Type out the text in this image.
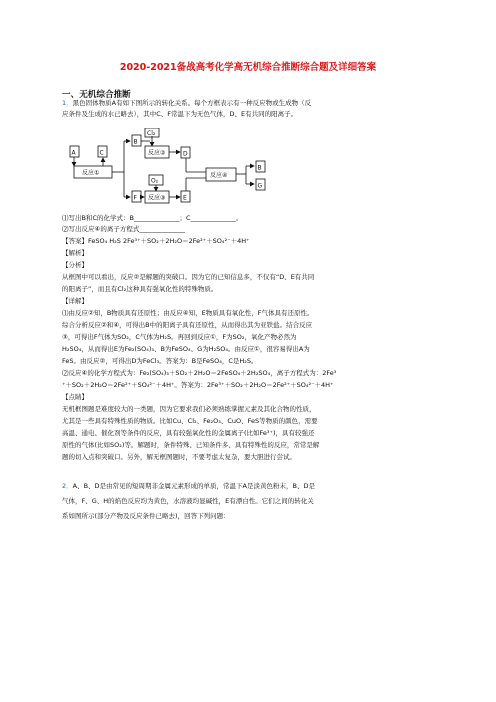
2020-2021备战高考化学高无机综合推断综合题及详细答案
一、无机综合推断
1．黑色固体物质A有如下图所示的转化关系。每个方框表示有一种反应物或生成物（反
应条件及生成的水已略去），其中C、F常温下为无色气体，D、E有共同的阳离子。
A	C
反应①
Cl₂
反应②	D
B
O₂
反应③
F	E
反应④
B
G
⑴写出B和C的化学式：B______________；C______________。
⑵写出反应④的离子方程式______________
【答案】FeSO₄ H₂S 2Fe³⁺＋SO₂＋2H₂O＝2Fe²⁺＋SO₄²⁻＋4H⁺
【解析】
【分析】
从框图中可以看出，反应②是解题的突破口。因为它的已知信息多，不仅有“D、E有共同
的阳离子”，而且有Cl₂这种具有强氧化性的特殊物质。
【详解】
⑴由反应②知，B物质具有还原性；由反应④知，E物质具有氧化性，F气体具有还原性。
综合分析反应②和④，可得出B中的阳离子具有还原性，从而得出其为亚铁盐。结合反应
③，可得出F气体为SO₂，C气体为H₂S。再回到反应①，F为SO₂，氧化产物必然为
H₂SO₄，从而得出E为Fe₂(SO₄)₃、B为FeSO₄、G为H₂SO₄。由反应①，很容易得出A为
FeS。由反应②，可得出D为FeCl₃。答案为：B是FeSO₄，C是H₂S。
⑵反应④的化学方程式为：Fe₂(SO₄)₃＋SO₂＋2H₂O＝2FeSO₄＋2H₂SO₄，离子方程式为：2Fe³
⁺＋SO₂＋2H₂O＝2Fe²⁺＋SO₄²⁻＋4H⁺。答案为：2Fe³⁺＋SO₂＋2H₂O＝2Fe²⁺＋SO₄²⁻＋4H⁺
【点睛】
无机框图题是难度较大的一类题，因为它要求我们必须熟练掌握元素及其化合物的性质，
尤其是一些具有特殊性质的物质。比如Cu、Cl₂、Fe₂O₃、CuO、FeS等物质的颜色，需要
高温、通电、催化剂等条件的反应，具有较强氧化性的金属离子(比如Fe³⁺)，具有较强还
原性的气体(比如SO₂)等。解题时，条件特殊、已知条件多、具有特殊性的反应，常常是解
题的切入点和突破口。另外，解无框图题时，不要考虑太复杂，要大胆进行尝试。
2．A、B、D是由常见的短周期非金属元素形成的单质，常温下A是淡黄色粉末，B、D是
气体，F、G、H的焰色反应均为黄色，水溶液均显碱性，E有漂白性。它们之间的转化关
系如图所示(部分产物及反应条件已略去)，回答下列问题：
